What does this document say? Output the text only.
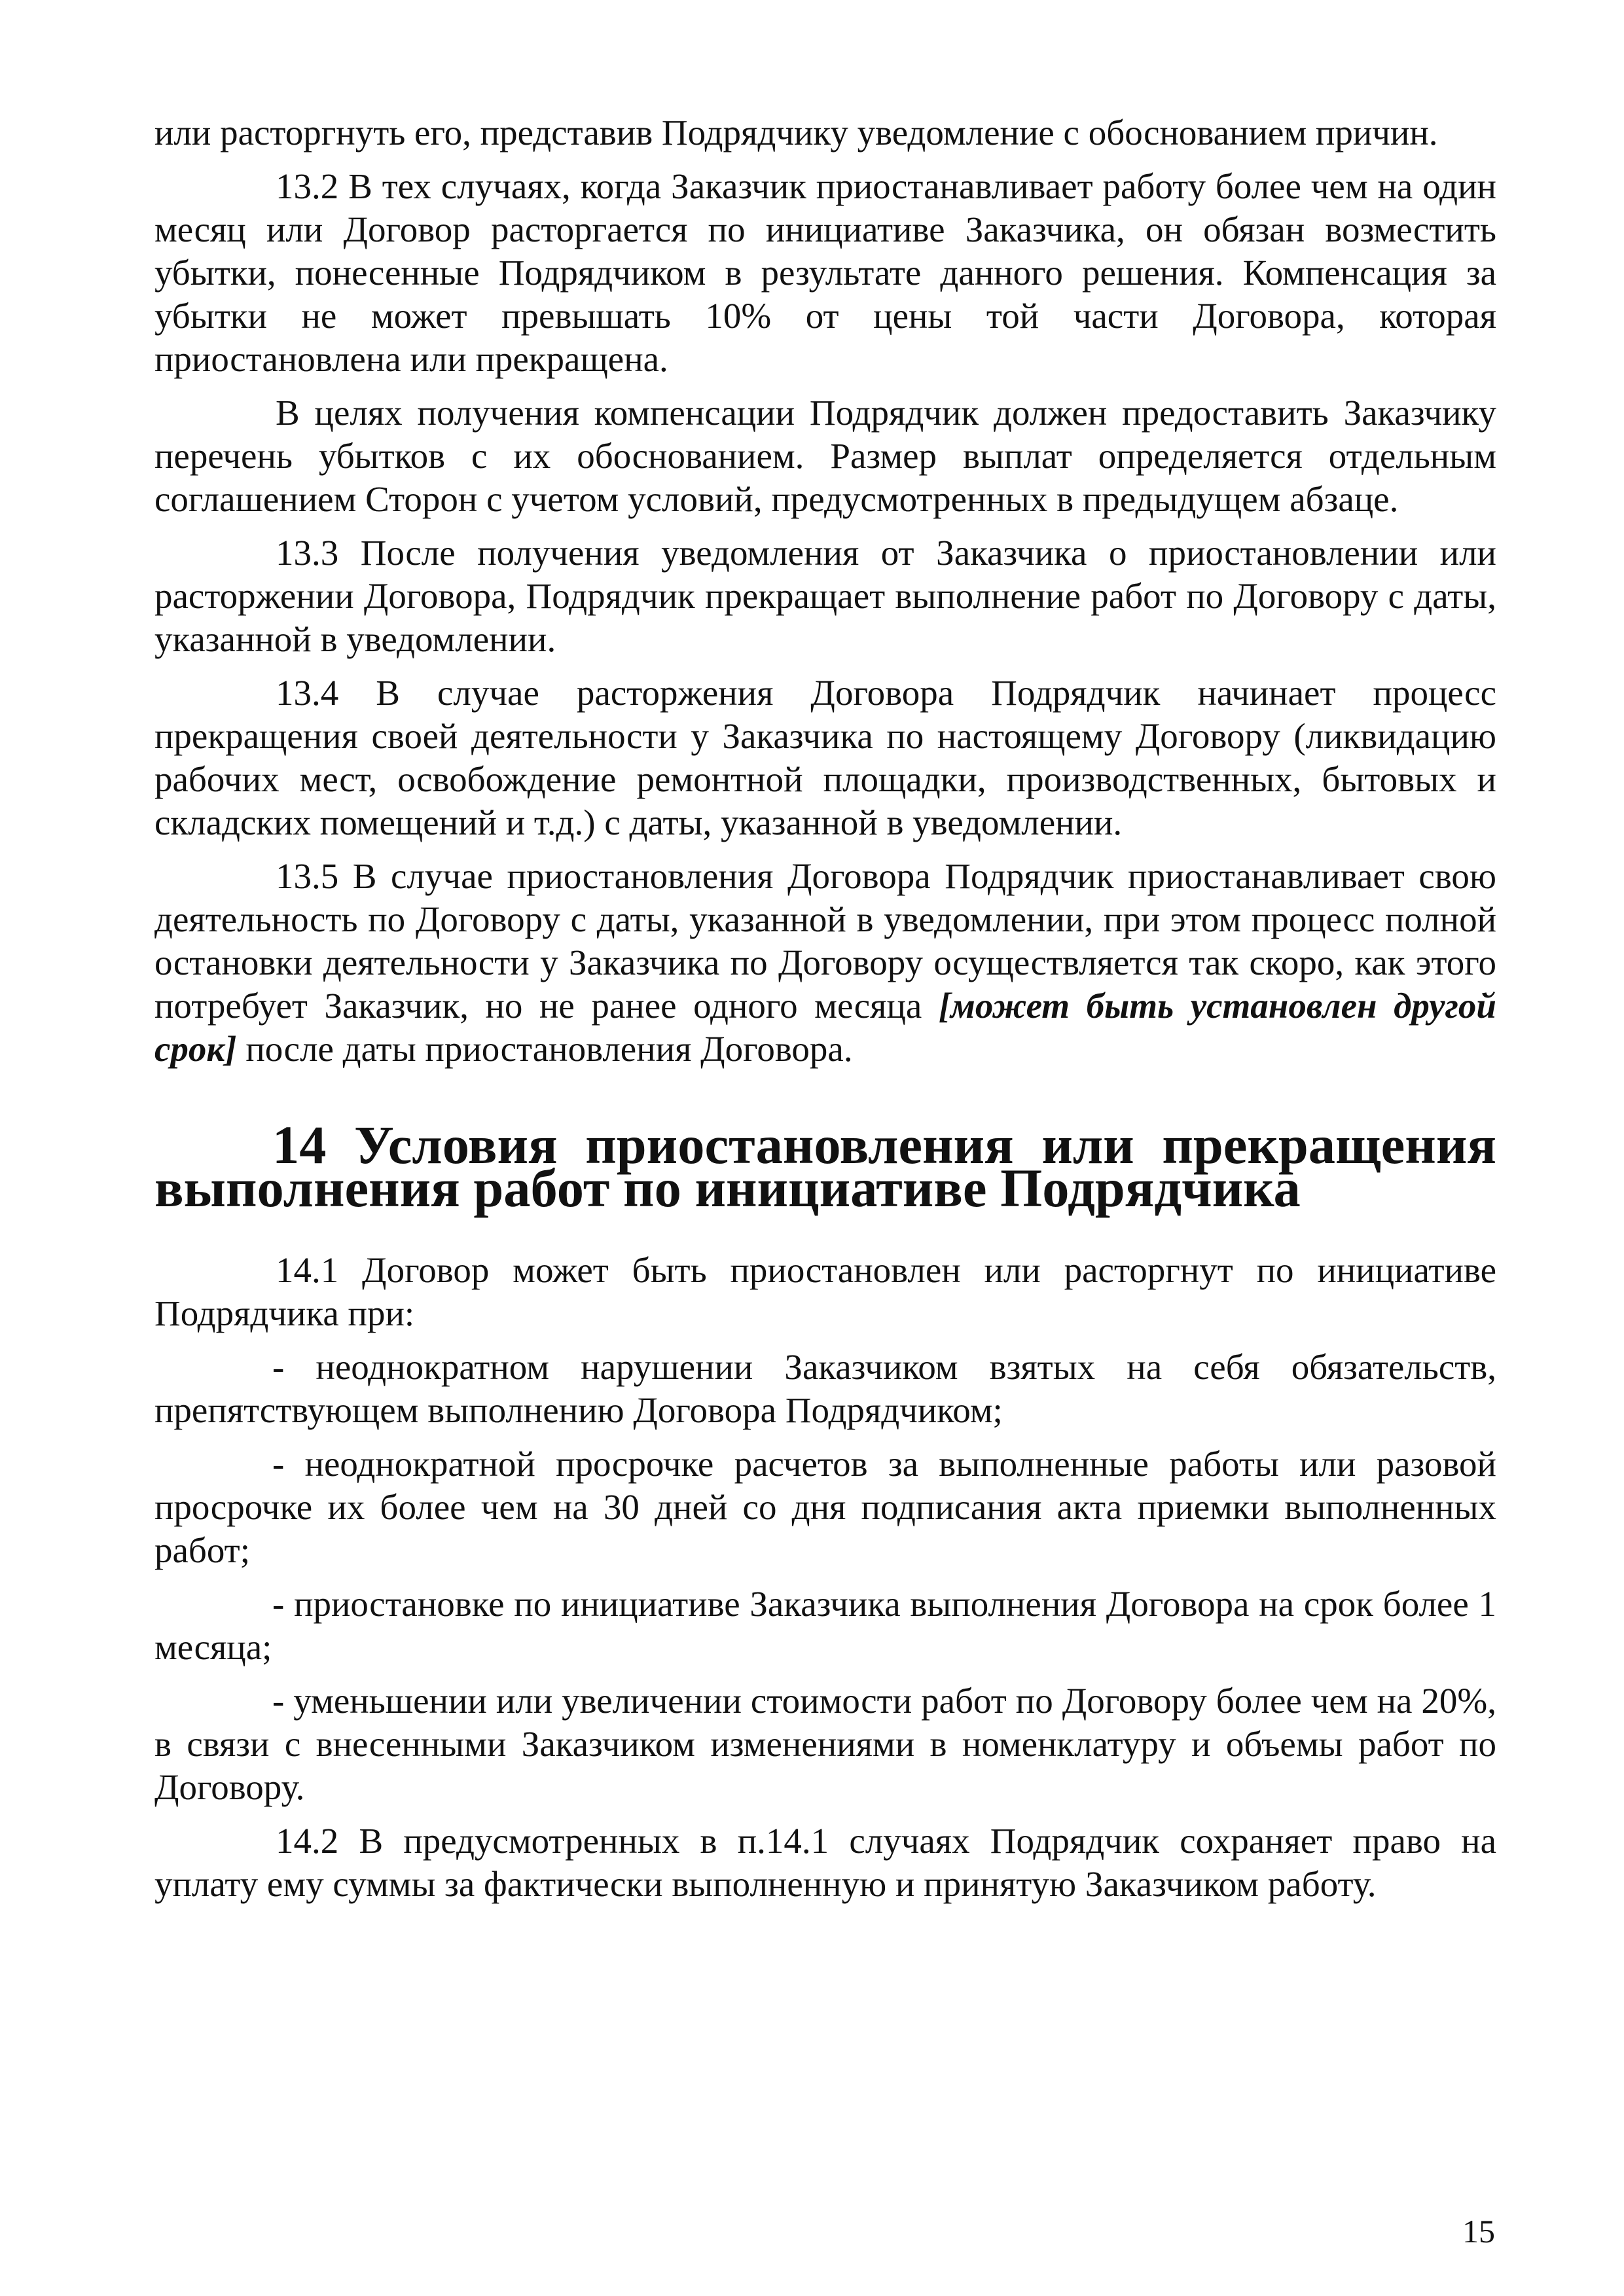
или расторгнуть его, представив Подрядчику уведомление с обоснованием причин.

13.2 В тех случаях, когда Заказчик приостанавливает работу более чем на один месяц или Договор расторгается по инициативе Заказчика, он обязан возместить убытки, понесенные Подрядчиком в результате данного решения. Компенсация за убытки не может превышать 10% от цены той части Договора, которая приостановлена или прекращена.

В целях получения компенсации Подрядчик должен предоставить Заказчику перечень убытков с их обоснованием. Размер выплат определяется отдельным соглашением Сторон с учетом условий, предусмотренных в предыдущем абзаце.

13.3 После получения уведомления от Заказчика о приостановлении или расторжении Договора, Подрядчик прекращает выполнение работ по Договору с даты, указанной в уведомлении.

13.4 В случае расторжения Договора Подрядчик начинает процесс прекращения своей деятельности у Заказчика по настоящему Договору (ликвидацию рабочих мест, освобождение ремонтной площадки, производственных, бытовых и складских помещений и т.д.) с даты, указанной в уведомлении.

13.5 В случае приостановления Договора Подрядчик приостанавливает свою деятельность по Договору с даты, указанной в уведомлении, при этом процесс полной остановки деятельности у Заказчика по Договору осуществляется так скоро, как этого потребует Заказчик, но не ранее одного месяца [может быть установлен другой срок] после даты приостановления Договора.

14 Условия приостановления или прекращения выполнения работ по инициативе Подрядчика

14.1 Договор может быть приостановлен или расторгнут по инициативе Подрядчика при:

- неоднократном нарушении Заказчиком взятых на себя обязательств, препятствующем выполнению Договора Подрядчиком;

- неоднократной просрочке расчетов за выполненные работы или разовой просрочке их более чем на 30 дней со дня подписания акта приемки выполненных работ;

- приостановке по инициативе Заказчика выполнения Договора на срок более 1 месяца;

- уменьшении или увеличении стоимости работ по Договору более чем на 20%, в связи с внесенными Заказчиком изменениями в номенклатуру и объемы работ по Договору.

14.2 В предусмотренных в п.14.1 случаях Подрядчик сохраняет право на уплату ему суммы за фактически выполненную и принятую Заказчиком работу.

15
